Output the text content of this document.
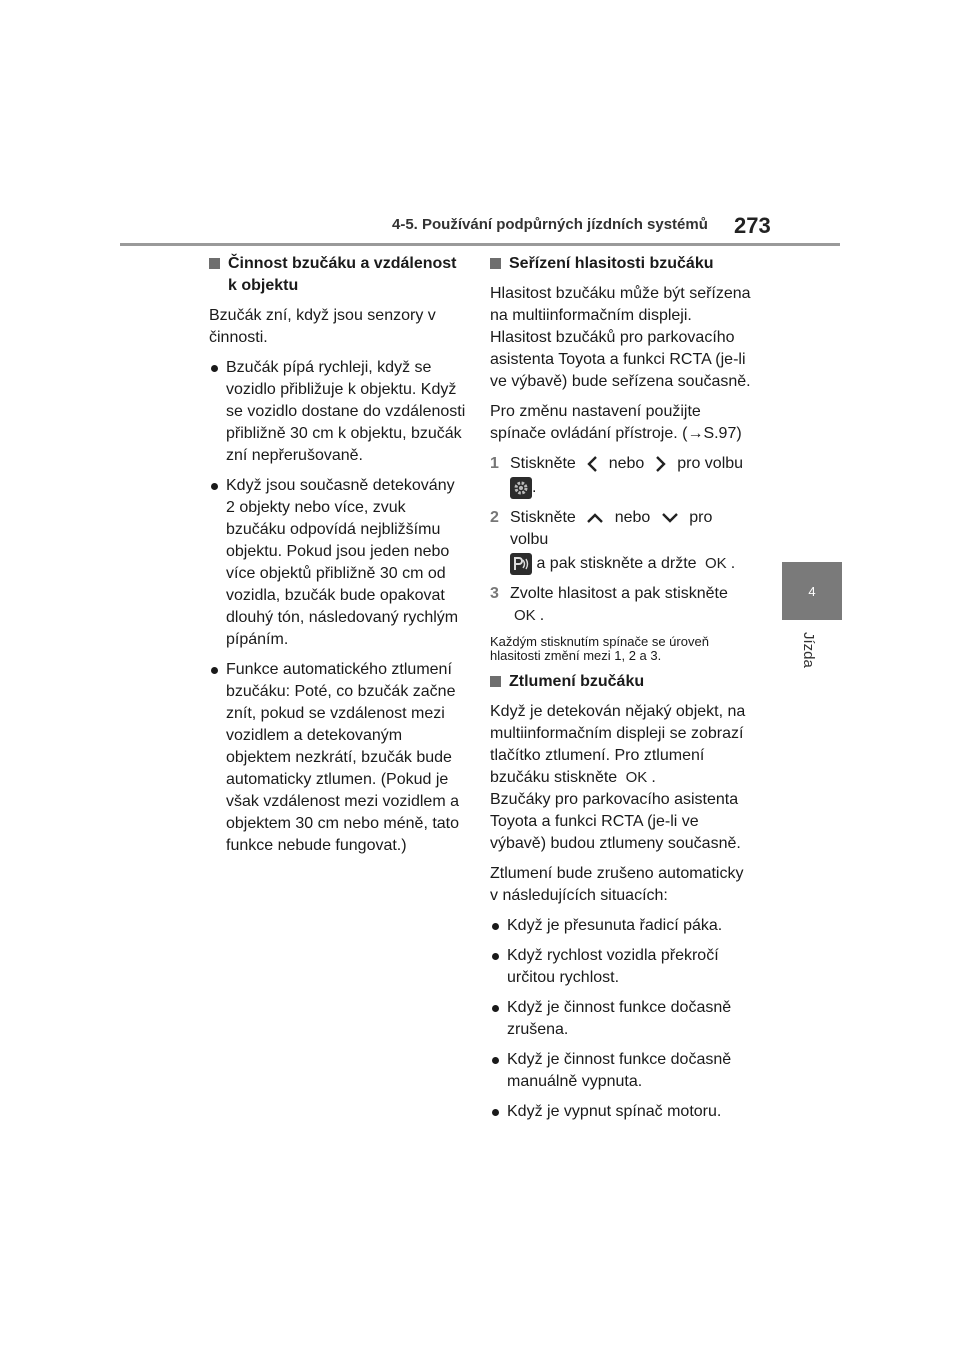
4-5. Používání podpůrných jízdních systémů 273
4
Jízda
Činnost bzučáku a vzdálenost k objektu

Bzučák zní, když jsou senzory v činnosti.

Bzučák pípá rychleji, když se vozidlo přibližuje k objektu. Když se vozidlo dostane do vzdálenosti přibližně 30 cm k objektu, bzučák zní nepřerušovaně.
Když jsou současně detekovány 2 objekty nebo více, zvuk bzučáku odpovídá nejbližšímu objektu. Pokud jsou jeden nebo více objektů přibližně 30 cm od vozidla, bzučák bude opakovat dlouhý tón, následovaný rychlým pípáním.
Funkce automatického ztlumení bzučáku: Poté, co bzučák začne znít, pokud se vzdálenost mezi vozidlem a detekovaným objektem nezkrátí, bzučák bude automaticky ztlumen. (Pokud je však vzdálenost mezi vozidlem a objektem 30 cm nebo méně, tato funkce nebude fungovat.)
Seřízení hlasitosti bzučáku

Hlasitost bzučáku může být seřízena na multiinformačním displeji. Hlasitost bzučáků pro parkovacího asistenta Toyota a funkci RCTA (je-li ve výbavě) bude seřízena současně.

Pro změnu nastavení použijte spínače ovládání přístroje. (→S.97)

1 Stiskněte nebo pro volbu
.
2 Stiskněte nebo pro volbu
a pak stiskněte a držte OK .
3 Zvolte hlasitost a pak stiskněte
OK .

Každým stisknutím spínače se úroveň hlasitosti změní mezi 1, 2 a 3.

Ztlumení bzučáku

Když je detekován nějaký objekt, na multiinformačním displeji se zobrazí tlačítko ztlumení. Pro ztlumení bzučáku stiskněte OK .
Bzučáky pro parkovacího asistenta Toyota a funkci RCTA (je-li ve výbavě) budou ztlumeny současně.

Ztlumení bude zrušeno automaticky v následujících situacích:

Když je přesunuta řadicí páka.
Když rychlost vozidla překročí určitou rychlost.
Když je činnost funkce dočasně zrušena.
Když je činnost funkce dočasně manuálně vypnuta.
Když je vypnut spínač motoru.
